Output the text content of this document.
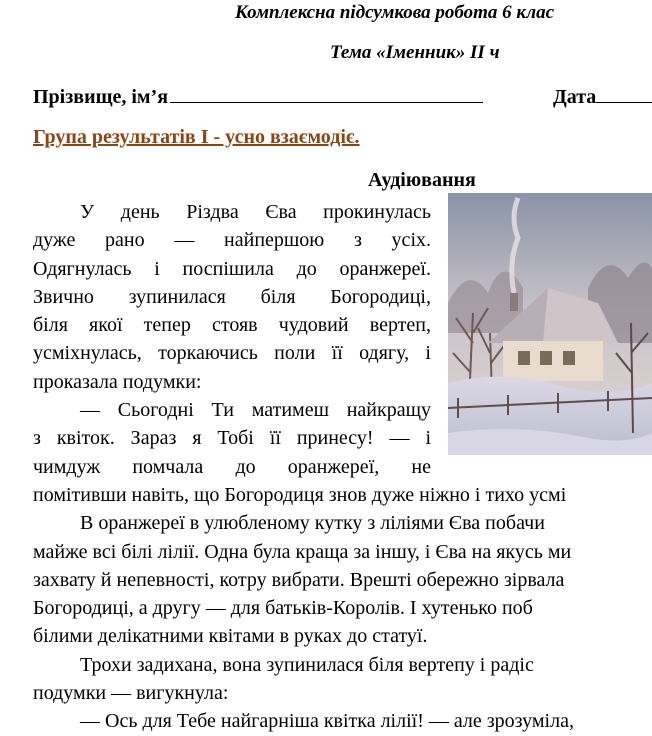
Комплексна підсумкова робота 6 клас
Тема «Іменник» ІІ ч
Прізвище, ім’я	Дата
Група результатів І - усно взаємодіє.
Аудіювання
У день Різдва Єва прокинулась
дуже рано — найпершою з усіх.
Одягнулась і поспішила до оранжереї.
Звично зупинилася біля Богородиці,
біля якої тепер стояв чудовий вертеп,
усміхнулась, торкаючись поли її одягу, і
проказала подумки:
— Сьогодні Ти матимеш найкращу
з квіток. Зараз я Тобі її принесу! — і
чимдуж помчала до оранжереї, не
помітивши навіть, що Богородиця знов дуже ніжно і тихо усмі
В оранжереї в улюбленому кутку з ліліями Єва побачи
майже всі білі лілії. Одна була краща за іншу, і Єва на якусь ми
захвату й непевності, котру вибрати. Врешті обережно зірвала
Богородиці, а другу — для батьків-Королів. І хутенько поб
білими делікатними квітами в руках до статуї.
Трохи задихана, вона зупинилася біля вертепу і радіс
подумки — вигукнула:
— Ось для Тебе найгарніша квітка лілії! — але зрозуміла,
